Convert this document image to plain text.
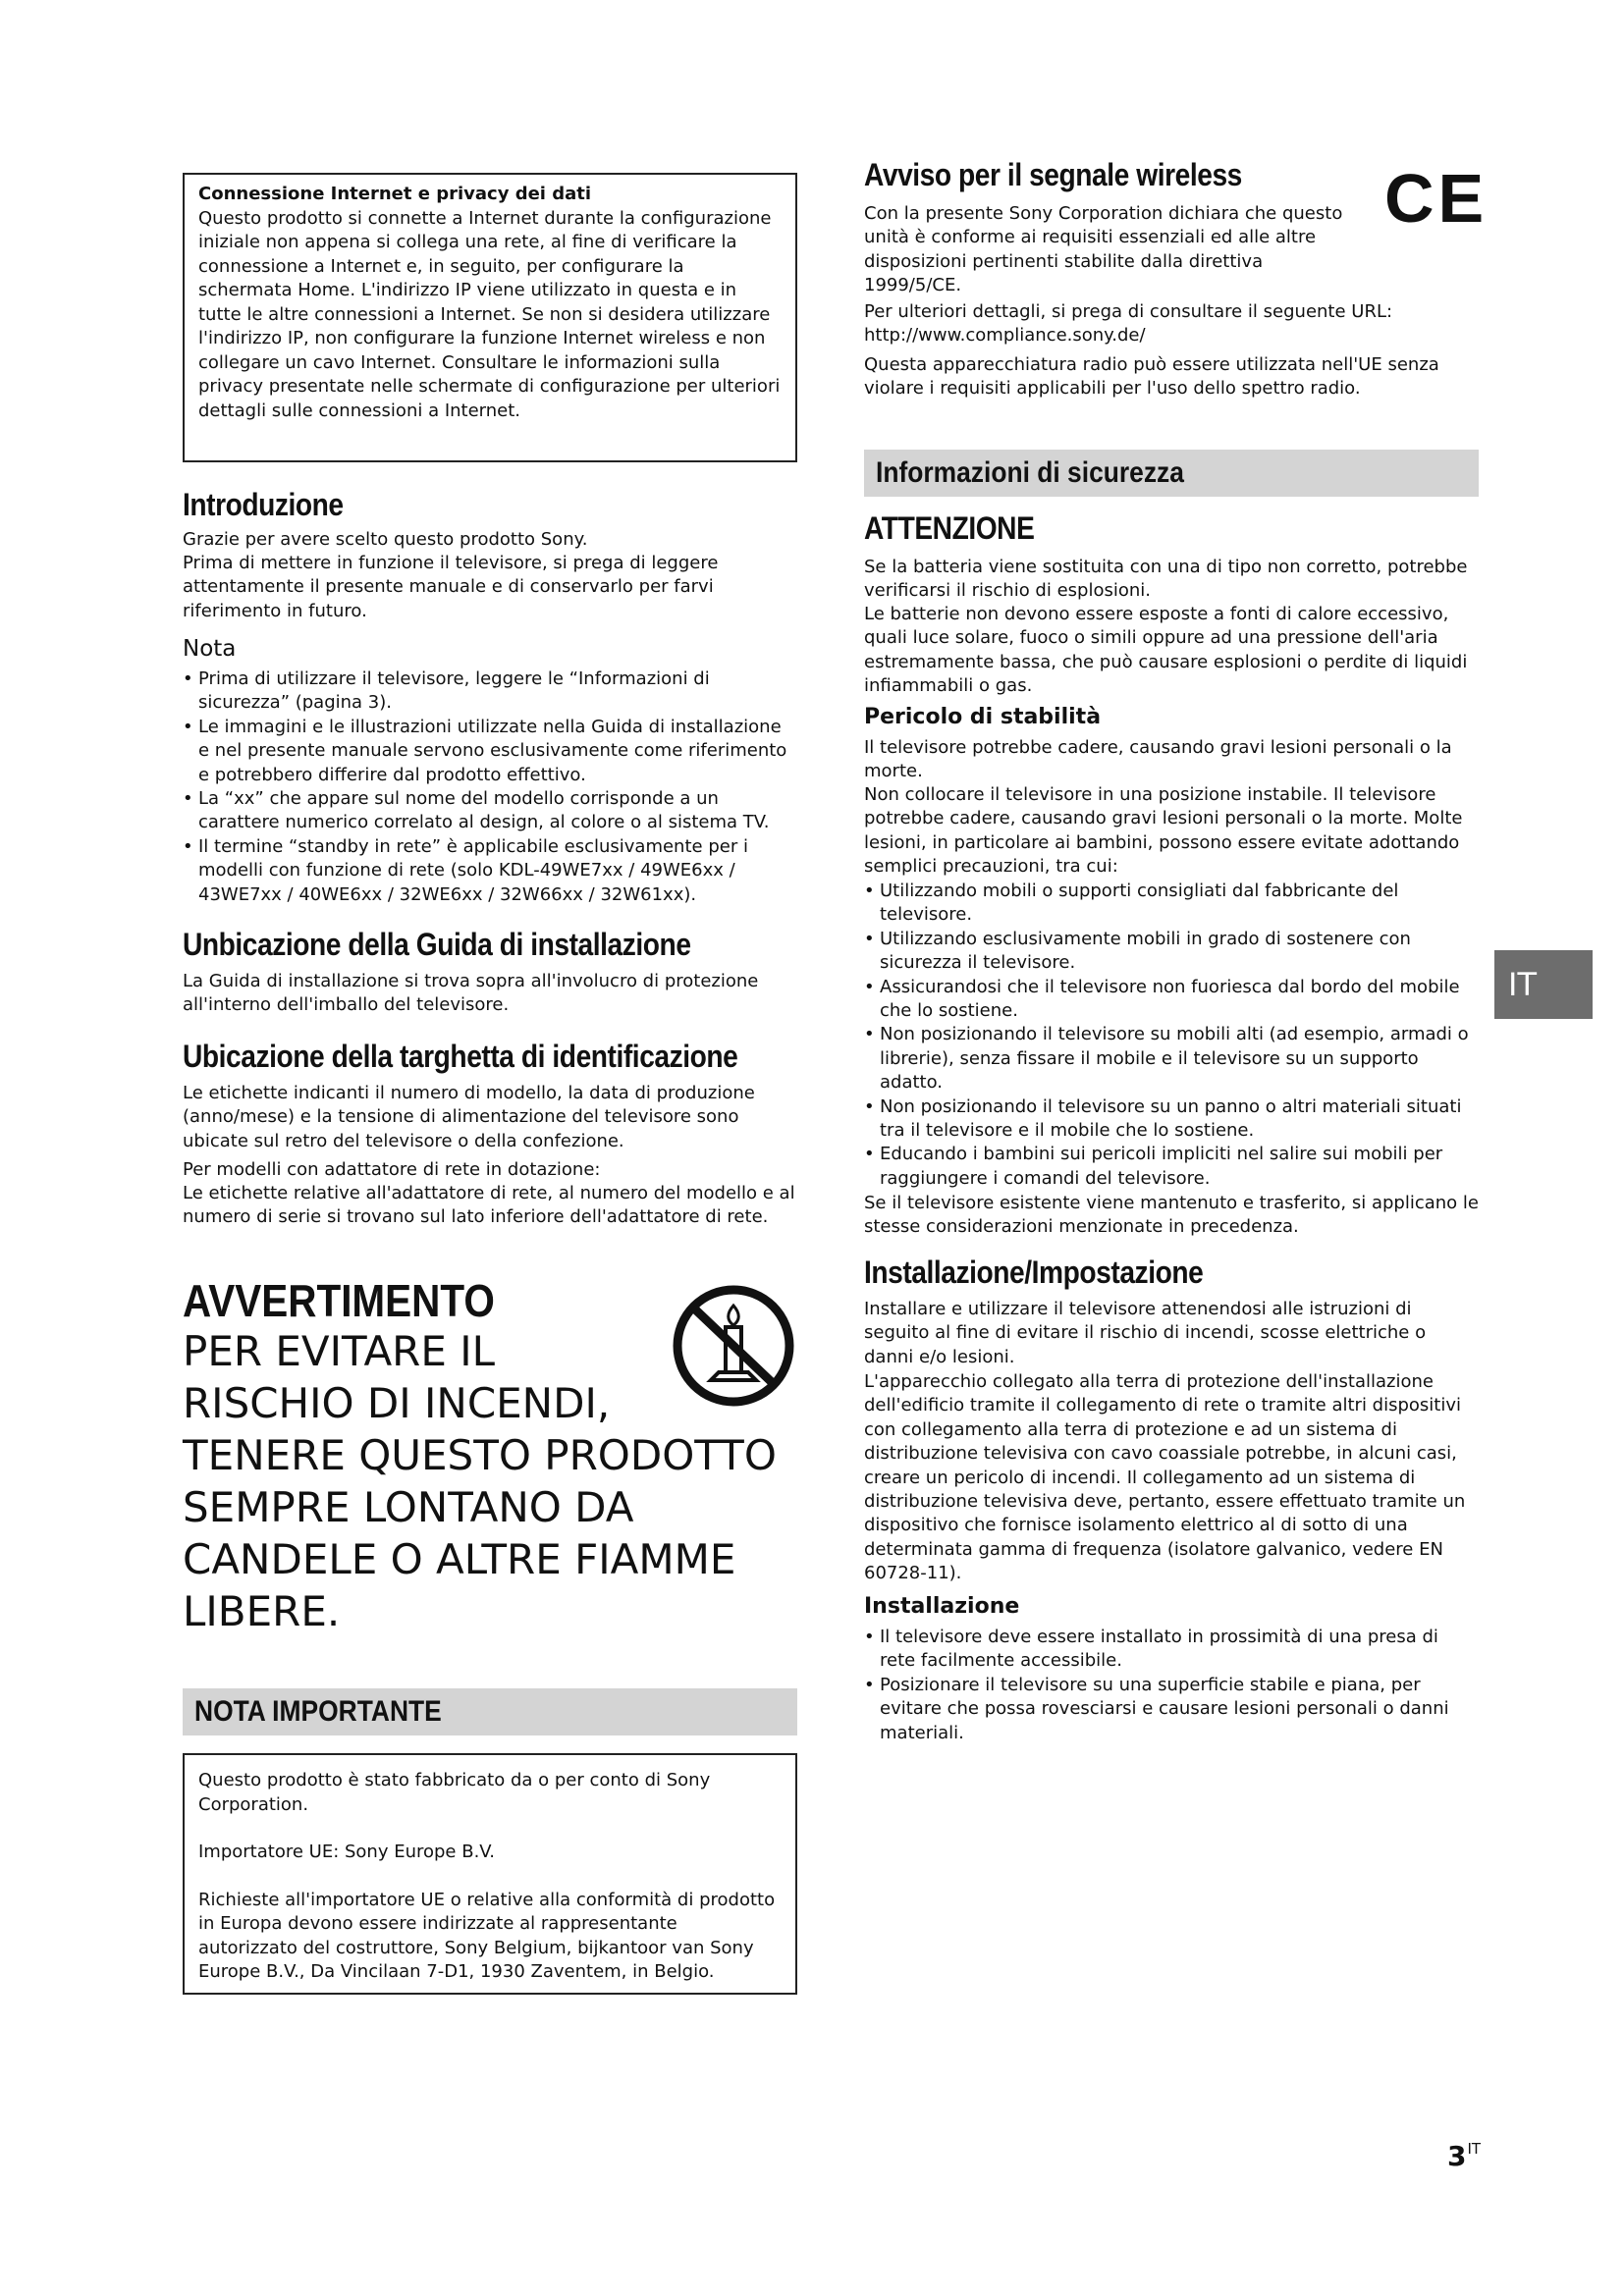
Connessione Internet e privacy dei dati

Questo prodotto si connette a Internet durante la configurazione iniziale non appena si collega una rete, al fine di verificare la connessione a Internet e, in seguito, per configurare la schermata Home. L'indirizzo IP viene utilizzato in questa e in tutte le altre connessioni a Internet. Se non si desidera utilizzare l'indirizzo IP, non configurare la funzione Internet wireless e non collegare un cavo Internet. Consultare le informazioni sulla privacy presentate nelle schermate di configurazione per ulteriori dettagli sulle connessioni a Internet.

Introduzione

Grazie per avere scelto questo prodotto Sony.

Prima di mettere in funzione il televisore, si prega di leggere attentamente il presente manuale e di conservarlo per farvi riferimento in futuro.

Nota
• Prima di utilizzare il televisore, leggere le “Informazioni di sicurezza” (pagina 3).
• Le immagini e le illustrazioni utilizzate nella Guida di installazione e nel presente manuale servono esclusivamente come riferimento e potrebbero differire dal prodotto effettivo.
• La “xx” che appare sul nome del modello corrisponde a un carattere numerico correlato al design, al colore o al sistema TV.
• Il termine “standby in rete” è applicabile esclusivamente per i modelli con funzione di rete (solo KDL-49WE7xx / 49WE6xx / 43WE7xx / 40WE6xx / 32WE6xx / 32W66xx / 32W61xx).
Unbicazione della Guida di installazione

La Guida di installazione si trova sopra all'involucro di protezione all'interno dell'imballo del televisore.

Ubicazione della targhetta di identificazione

Le etichette indicanti il numero di modello, la data di produzione (anno/mese) e la tensione di alimentazione del televisore sono ubicate sul retro del televisore o della confezione.

Per modelli con adattatore di rete in dotazione:

Le etichette relative all'adattatore di rete, al numero del modello e al numero di serie si trovano sul lato inferiore dell'adattatore di rete.

AVVERTIMENTO
PER EVITARE IL
RISCHIO DI INCENDI,
TENERE QUESTO PRODOTTO
SEMPRE LONTANO DA
CANDELE O ALTRE FIAMME
LIBERE.
NOTA IMPORTANTE

Questo prodotto è stato fabbricato da o per conto di Sony Corporation.

Importatore UE: Sony Europe B.V.

Richieste all'importatore UE o relative alla conformità di prodotto in Europa devono essere indirizzate al rappresentante autorizzato del costruttore, Sony Belgium, bijkantoor van Sony Europe B.V., Da Vincilaan 7-D1, 1930 Zaventem, in Belgio.

Avviso per il segnale wireless CE

Con la presente Sony Corporation dichiara che questo unità è conforme ai requisiti essenziali ed alle altre disposizioni pertinenti stabilite dalla direttiva 1999/5/CE.

Per ulteriori dettagli, si prega di consultare il seguente URL: http://www.compliance.sony.de/

Questa apparecchiatura radio può essere utilizzata nell'UE senza violare i requisiti applicabili per l'uso dello spettro radio.

Informazioni di sicurezza
ATTENZIONE

Se la batteria viene sostituita con una di tipo non corretto, potrebbe verificarsi il rischio di esplosioni.

Le batterie non devono essere esposte a fonti di calore eccessivo, quali luce solare, fuoco o simili oppure ad una pressione dell'aria estremamente bassa, che può causare esplosioni o perdite di liquidi infiammabili o gas.

Pericolo di stabilità

Il televisore potrebbe cadere, causando gravi lesioni personali o la morte.

Non collocare il televisore in una posizione instabile. Il televisore potrebbe cadere, causando gravi lesioni personali o la morte. Molte lesioni, in particolare ai bambini, possono essere evitate adottando semplici precauzioni, tra cui:

• Utilizzando mobili o supporti consigliati dal fabbricante del televisore.
• Utilizzando esclusivamente mobili in grado di sostenere con sicurezza il televisore.
• Assicurandosi che il televisore non fuoriesca dal bordo del mobile che lo sostiene.
• Non posizionando il televisore su mobili alti (ad esempio, armadi o librerie), senza fissare il mobile e il televisore su un supporto adatto.
• Non posizionando il televisore su un panno o altri materiali situati tra il televisore e il mobile che lo sostiene.
• Educando i bambini sui pericoli impliciti nel salire sui mobili per raggiungere i comandi del televisore.

Se il televisore esistente viene mantenuto e trasferito, si applicano le stesse considerazioni menzionate in precedenza.

Installazione/Impostazione

Installare e utilizzare il televisore attenendosi alle istruzioni di seguito al fine di evitare il rischio di incendi, scosse elettriche o danni e/o lesioni.

L'apparecchio collegato alla terra di protezione dell'installazione dell'edificio tramite il collegamento di rete o tramite altri dispositivi con collegamento alla terra di protezione e ad un sistema di distribuzione televisiva con cavo coassiale potrebbe, in alcuni casi, creare un pericolo di incendi. Il collegamento ad un sistema di distribuzione televisiva deve, pertanto, essere effettuato tramite un dispositivo che fornisce isolamento elettrico al di sotto di una determinata gamma di frequenza (isolatore galvanico, vedere EN 60728-11).

Installazione
• Il televisore deve essere installato in prossimità di una presa di rete facilmente accessibile.
• Posizionare il televisore su una superficie stabile e piana, per evitare che possa rovesciarsi e causare lesioni personali o danni materiali.
IT
$3^{IT}$
